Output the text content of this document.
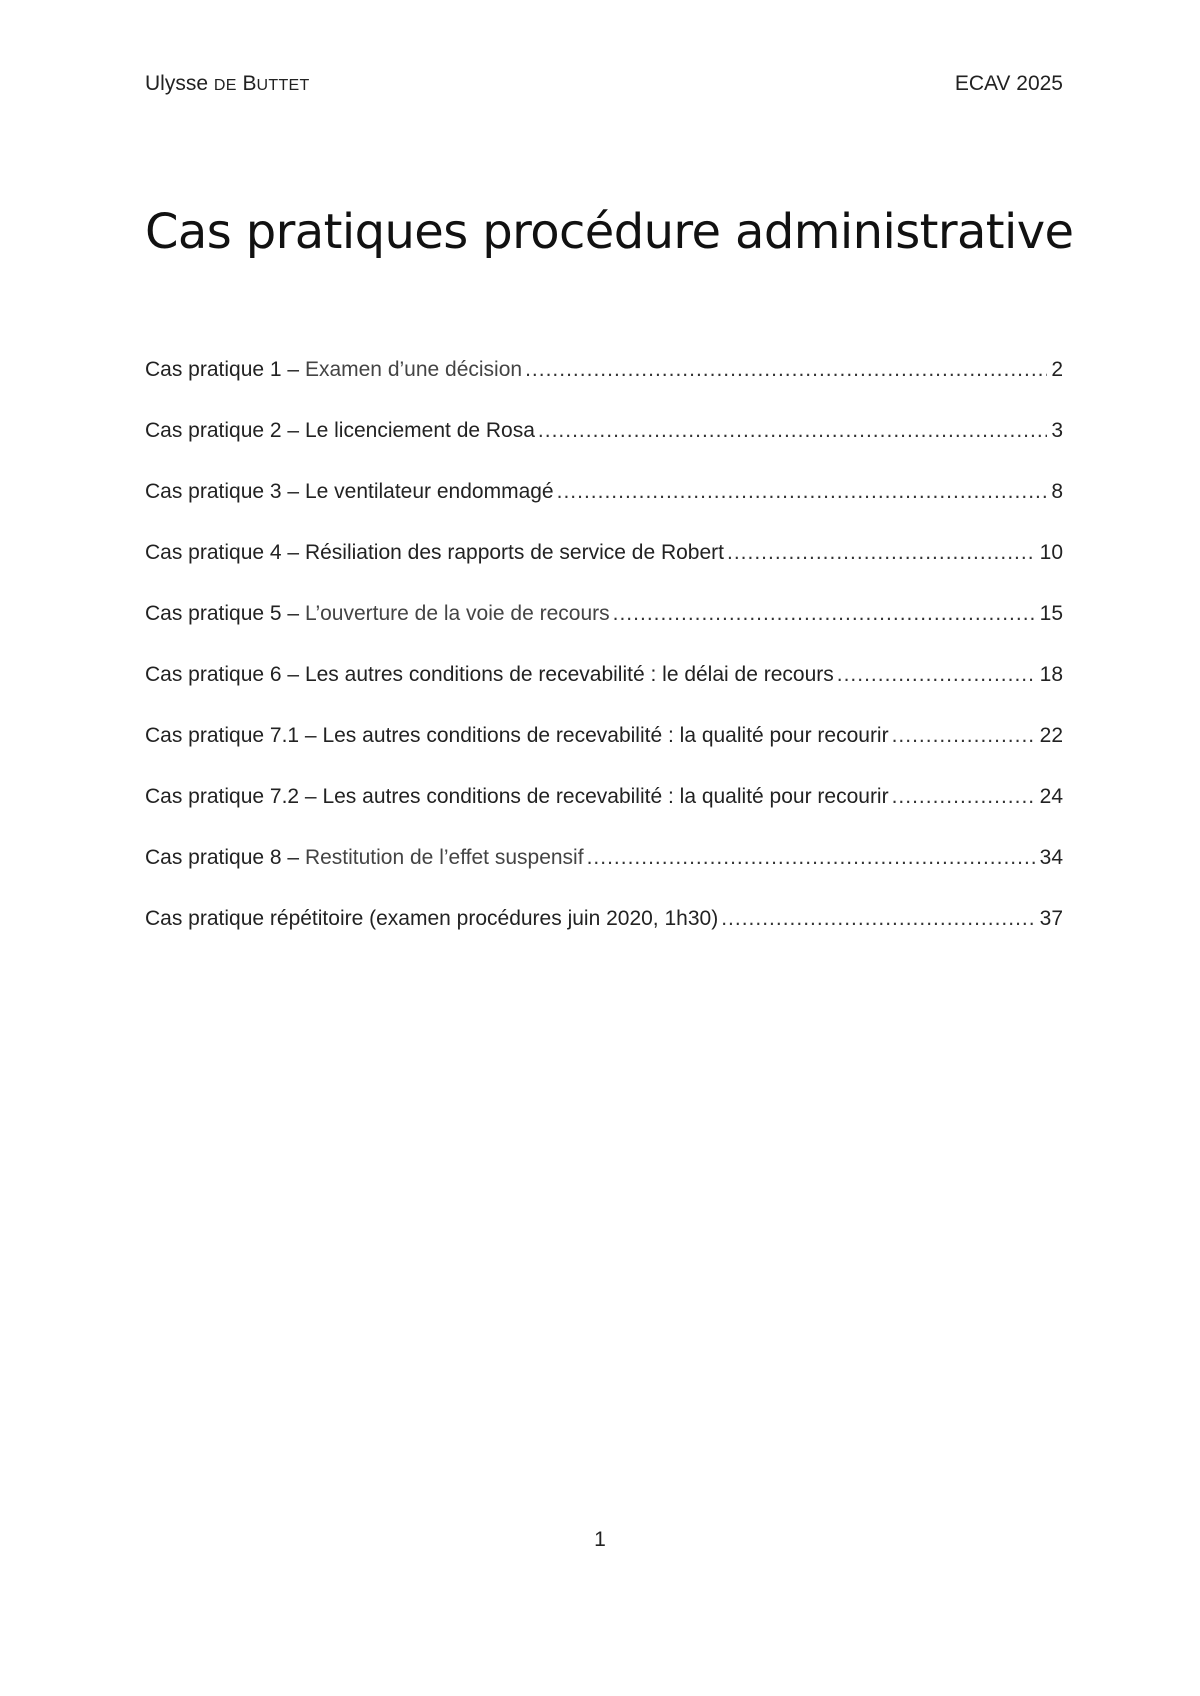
Ulysse DE BUTTET	ECAV 2025
Cas pratiques procédure administrative
Cas pratique 1 – Examen d’une décision .....	2
Cas pratique 2 – Le licenciement de Rosa .....	3
Cas pratique 3 – Le ventilateur endommagé .....	8
Cas pratique 4 – Résiliation des rapports de service de Robert .....	10
Cas pratique 5 – L’ouverture de la voie de recours .....	15
Cas pratique 6 – Les autres conditions de recevabilité : le délai de recours .....	18
Cas pratique 7.1 – Les autres conditions de recevabilité : la qualité pour recourir .....	22
Cas pratique 7.2 – Les autres conditions de recevabilité : la qualité pour recourir .....	24
Cas pratique 8 – Restitution de l’effet suspensif .....	34
Cas pratique répétitoire (examen procédures juin 2020, 1h30) .....	37
1
